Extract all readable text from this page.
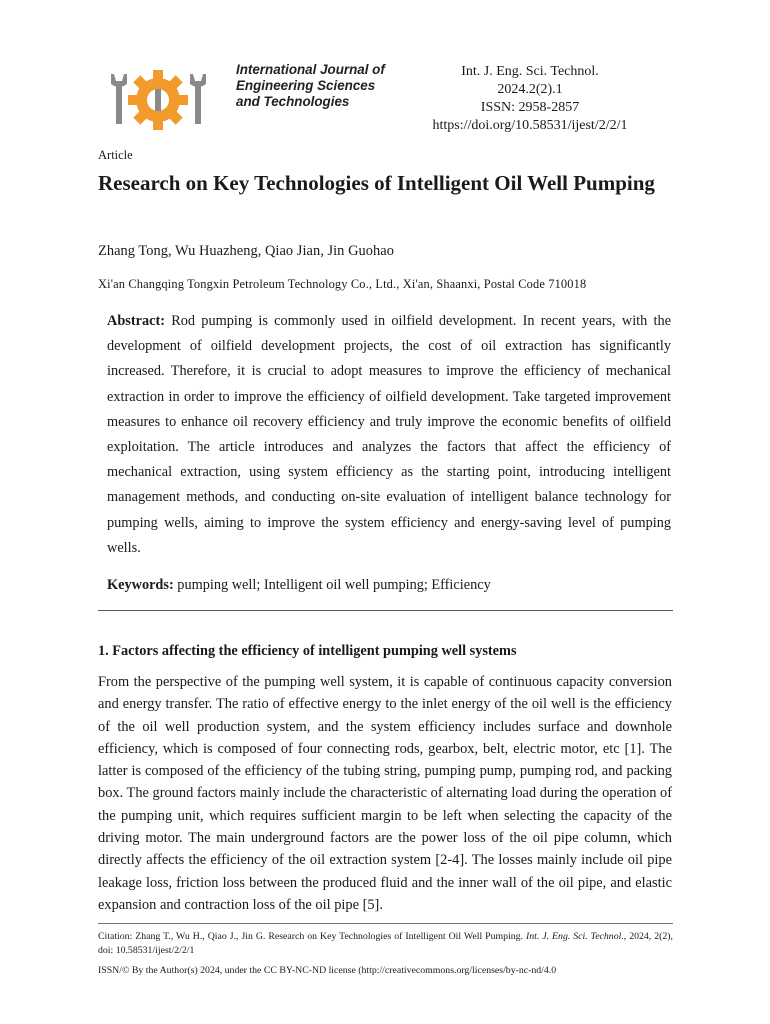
International Journal of
Engineering Sciences
and Technologies
Int. J. Eng. Sci. Technol.
2024.2(2).1
ISSN: 2958-2857
https://doi.org/10.58531/ijest/2/2/1
Article
Research on Key Technologies of Intelligent Oil Well Pumping
Zhang Tong, Wu Huazheng, Qiao Jian, Jin Guohao
Xi'an Changqing Tongxin Petroleum Technology Co., Ltd., Xi'an, Shaanxi, Postal Code 710018

Abstract: Rod pumping is commonly used in oilfield development. In recent years, with the development of oilfield development projects, the cost of oil extraction has significantly increased. Therefore, it is crucial to adopt measures to improve the efficiency of mechanical extraction in order to improve the efficiency of oilfield development. Take targeted improvement measures to enhance oil recovery efficiency and truly improve the economic benefits of oilfield exploitation. The article introduces and analyzes the factors that affect the efficiency of mechanical extraction, using system efficiency as the starting point, introducing intelligent management methods, and conducting on-site evaluation of intelligent balance technology for pumping wells, aiming to improve the system efficiency and energy-saving level of pumping wells.

Keywords: pumping well; Intelligent oil well pumping; Efficiency
1. Factors affecting the efficiency of intelligent pumping well systems

From the perspective of the pumping well system, it is capable of continuous capacity conversion and energy transfer. The ratio of effective energy to the inlet energy of the oil well is the efficiency of the oil well production system, and the system efficiency includes surface and downhole efficiency, which is composed of four connecting rods, gearbox, belt, electric motor, etc [1]. The latter is composed of the efficiency of the tubing string, pumping pump, pumping rod, and packing box. The ground factors mainly include the characteristic of alternating load during the operation of the pumping unit, which requires sufficient margin to be left when selecting the capacity of the driving motor. The main underground factors are the power loss of the oil pipe column, which directly affects the efficiency of the oil extraction system [2-4]. The losses mainly include oil pipe leakage loss, friction loss between the produced fluid and the inner wall of the oil pipe, and elastic expansion and contraction loss of the oil pipe [5].

Citation: Zhang T., Wu H., Qiao J., Jin G. Research on Key Technologies of Intelligent Oil Well Pumping. Int. J. Eng. Sci. Technol., 2024, 2(2), doi: 10.58531/ijest/2/2/1

ISSN/© By the Author(s) 2024, under the CC BY-NC-ND license (http://creativecommons.org/licenses/by-nc-nd/4.0
